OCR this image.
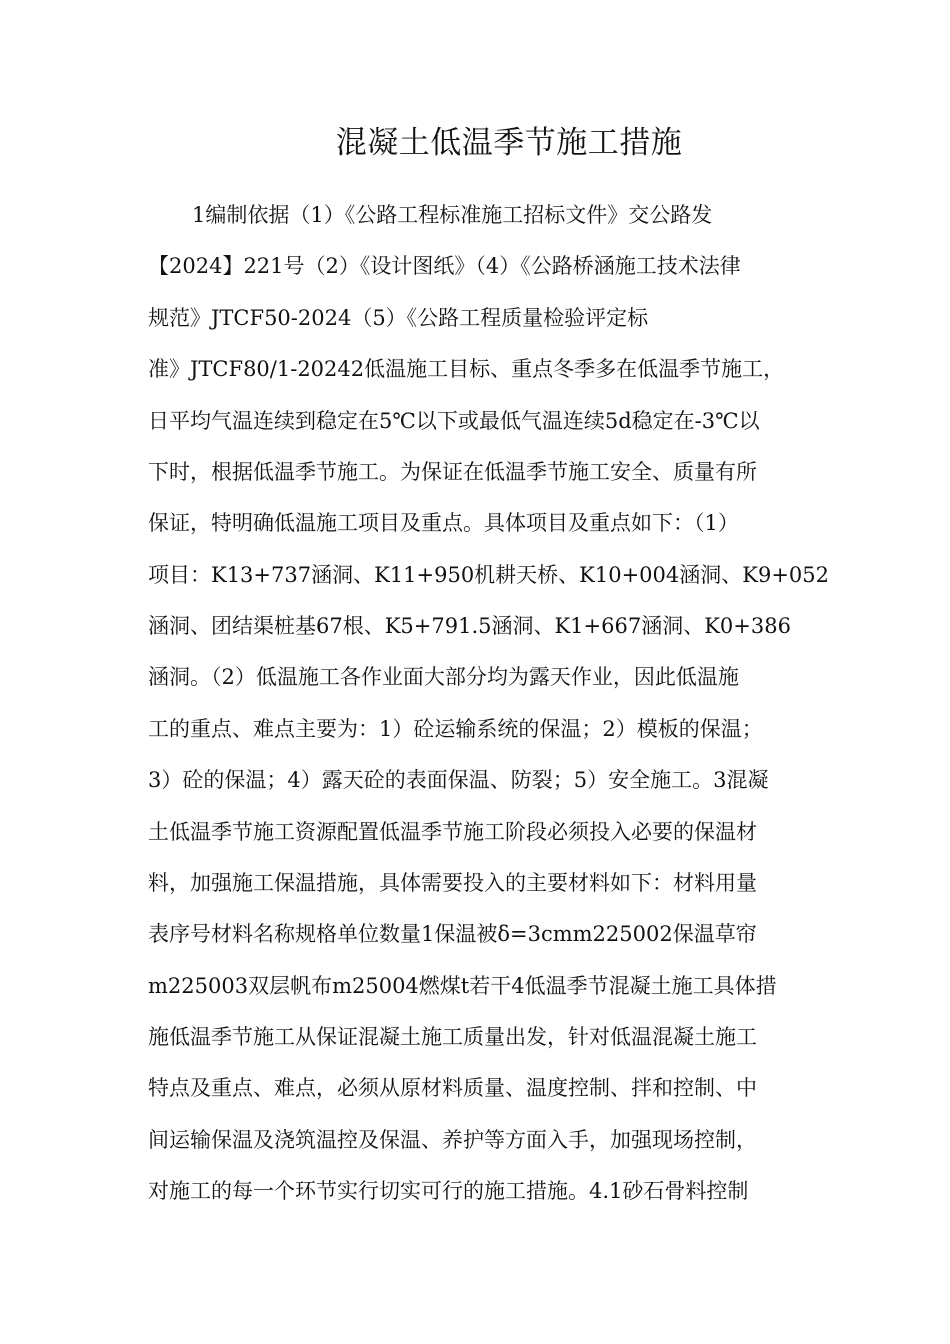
混凝土低温季节施工措施

1编制依据（1）《公路工程标准施工招标文件》交公路发

【2024】221号（2）《设计图纸》（4）《公路桥涵施工技术法律

规范》JTCF50-2024（5）《公路工程质量检验评定标

准》JTCF80/1-20242低温施工目标、重点冬季多在低温季节施工，

日平均气温连续到稳定在5℃以下或最低气温连续5d稳定在-3℃以

下时，根据低温季节施工。为保证在低温季节施工安全、质量有所

保证，特明确低温施工项目及重点。具体项目及重点如下：（1）

项目：K13+737涵洞、K11+950机耕天桥、K10+004涵洞、K9+052

涵洞、团结渠桩基67根、K5+791.5涵洞、K1+667涵洞、K0+386

涵洞。（2）低温施工各作业面大部分均为露天作业，因此低温施

工的重点、难点主要为：1）砼运输系统的保温；2）模板的保温；

3）砼的保温；4）露天砼的表面保温、防裂；5）安全施工。3混凝

土低温季节施工资源配置低温季节施工阶段必须投入必要的保温材

料，加强施工保温措施，具体需要投入的主要材料如下：材料用量

表序号材料名称规格单位数量1保温被δ=3cmm225002保温草帘

m225003双层帆布m25004燃煤t若干4低温季节混凝土施工具体措

施低温季节施工从保证混凝土施工质量出发，针对低温混凝土施工

特点及重点、难点，必须从原材料质量、温度控制、拌和控制、中

间运输保温及浇筑温控及保温、养护等方面入手，加强现场控制，

对施工的每一个环节实行切实可行的施工措施。4.1砂石骨料控制
